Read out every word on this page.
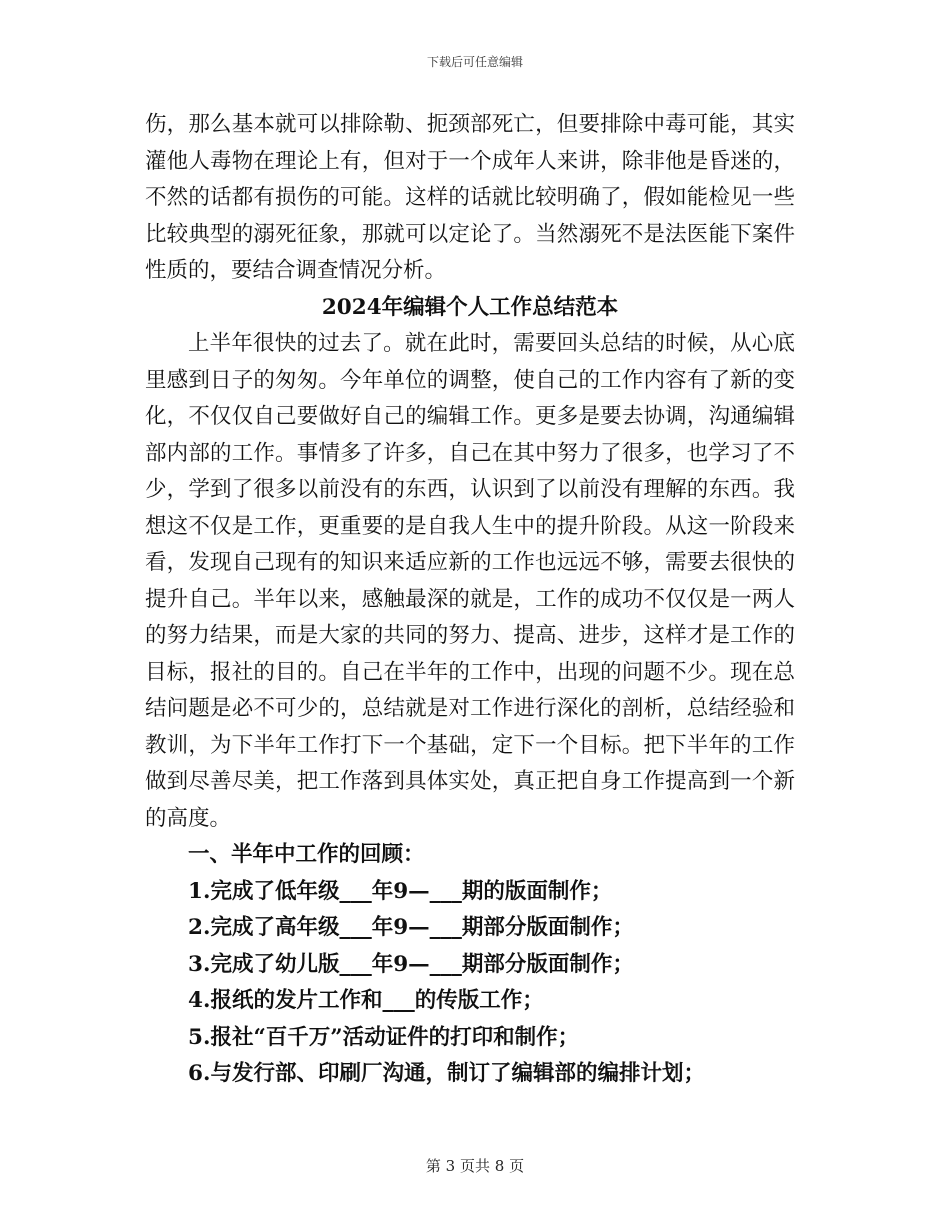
下载后可任意编辑
伤，那么基本就可以排除勒、扼颈部死亡，但要排除中毒可能，其实
灌他人毒物在理论上有，但对于一个成年人来讲，除非他是昏迷的，
不然的话都有损伤的可能。这样的话就比较明确了，假如能检见一些
比较典型的溺死征象，那就可以定论了。当然溺死不是法医能下案件
性质的，要结合调查情况分析。
2024年编辑个人工作总结范本
上半年很快的过去了。就在此时，需要回头总结的时候，从心底
里感到日子的匆匆。今年单位的调整，使自己的工作内容有了新的变
化，不仅仅自己要做好自己的编辑工作。更多是要去协调，沟通编辑
部内部的工作。事情多了许多，自己在其中努力了很多，也学习了不
少，学到了很多以前没有的东西，认识到了以前没有理解的东西。我
想这不仅是工作，更重要的是自我人生中的提升阶段。从这一阶段来
看，发现自己现有的知识来适应新的工作也远远不够，需要去很快的
提升自己。半年以来，感触最深的就是，工作的成功不仅仅是一两人
的努力结果，而是大家的共同的努力、提高、进步，这样才是工作的
目标，报社的目的。自己在半年的工作中，出现的问题不少。现在总
结问题是必不可少的，总结就是对工作进行深化的剖析，总结经验和
教训，为下半年工作打下一个基础，定下一个目标。把下半年的工作
做到尽善尽美，把工作落到具体实处，真正把自身工作提高到一个新
的高度。
一、半年中工作的回顾：
1.完成了低年级___年9—___期的版面制作；
2.完成了高年级___年9—___期部分版面制作；
3.完成了幼儿版___年9—___期部分版面制作；
4.报纸的发片工作和___的传版工作；
5.报社“百千万”活动证件的打印和制作；
6.与发行部、印刷厂沟通，制订了编辑部的编排计划；
第 3 页共 8 页
